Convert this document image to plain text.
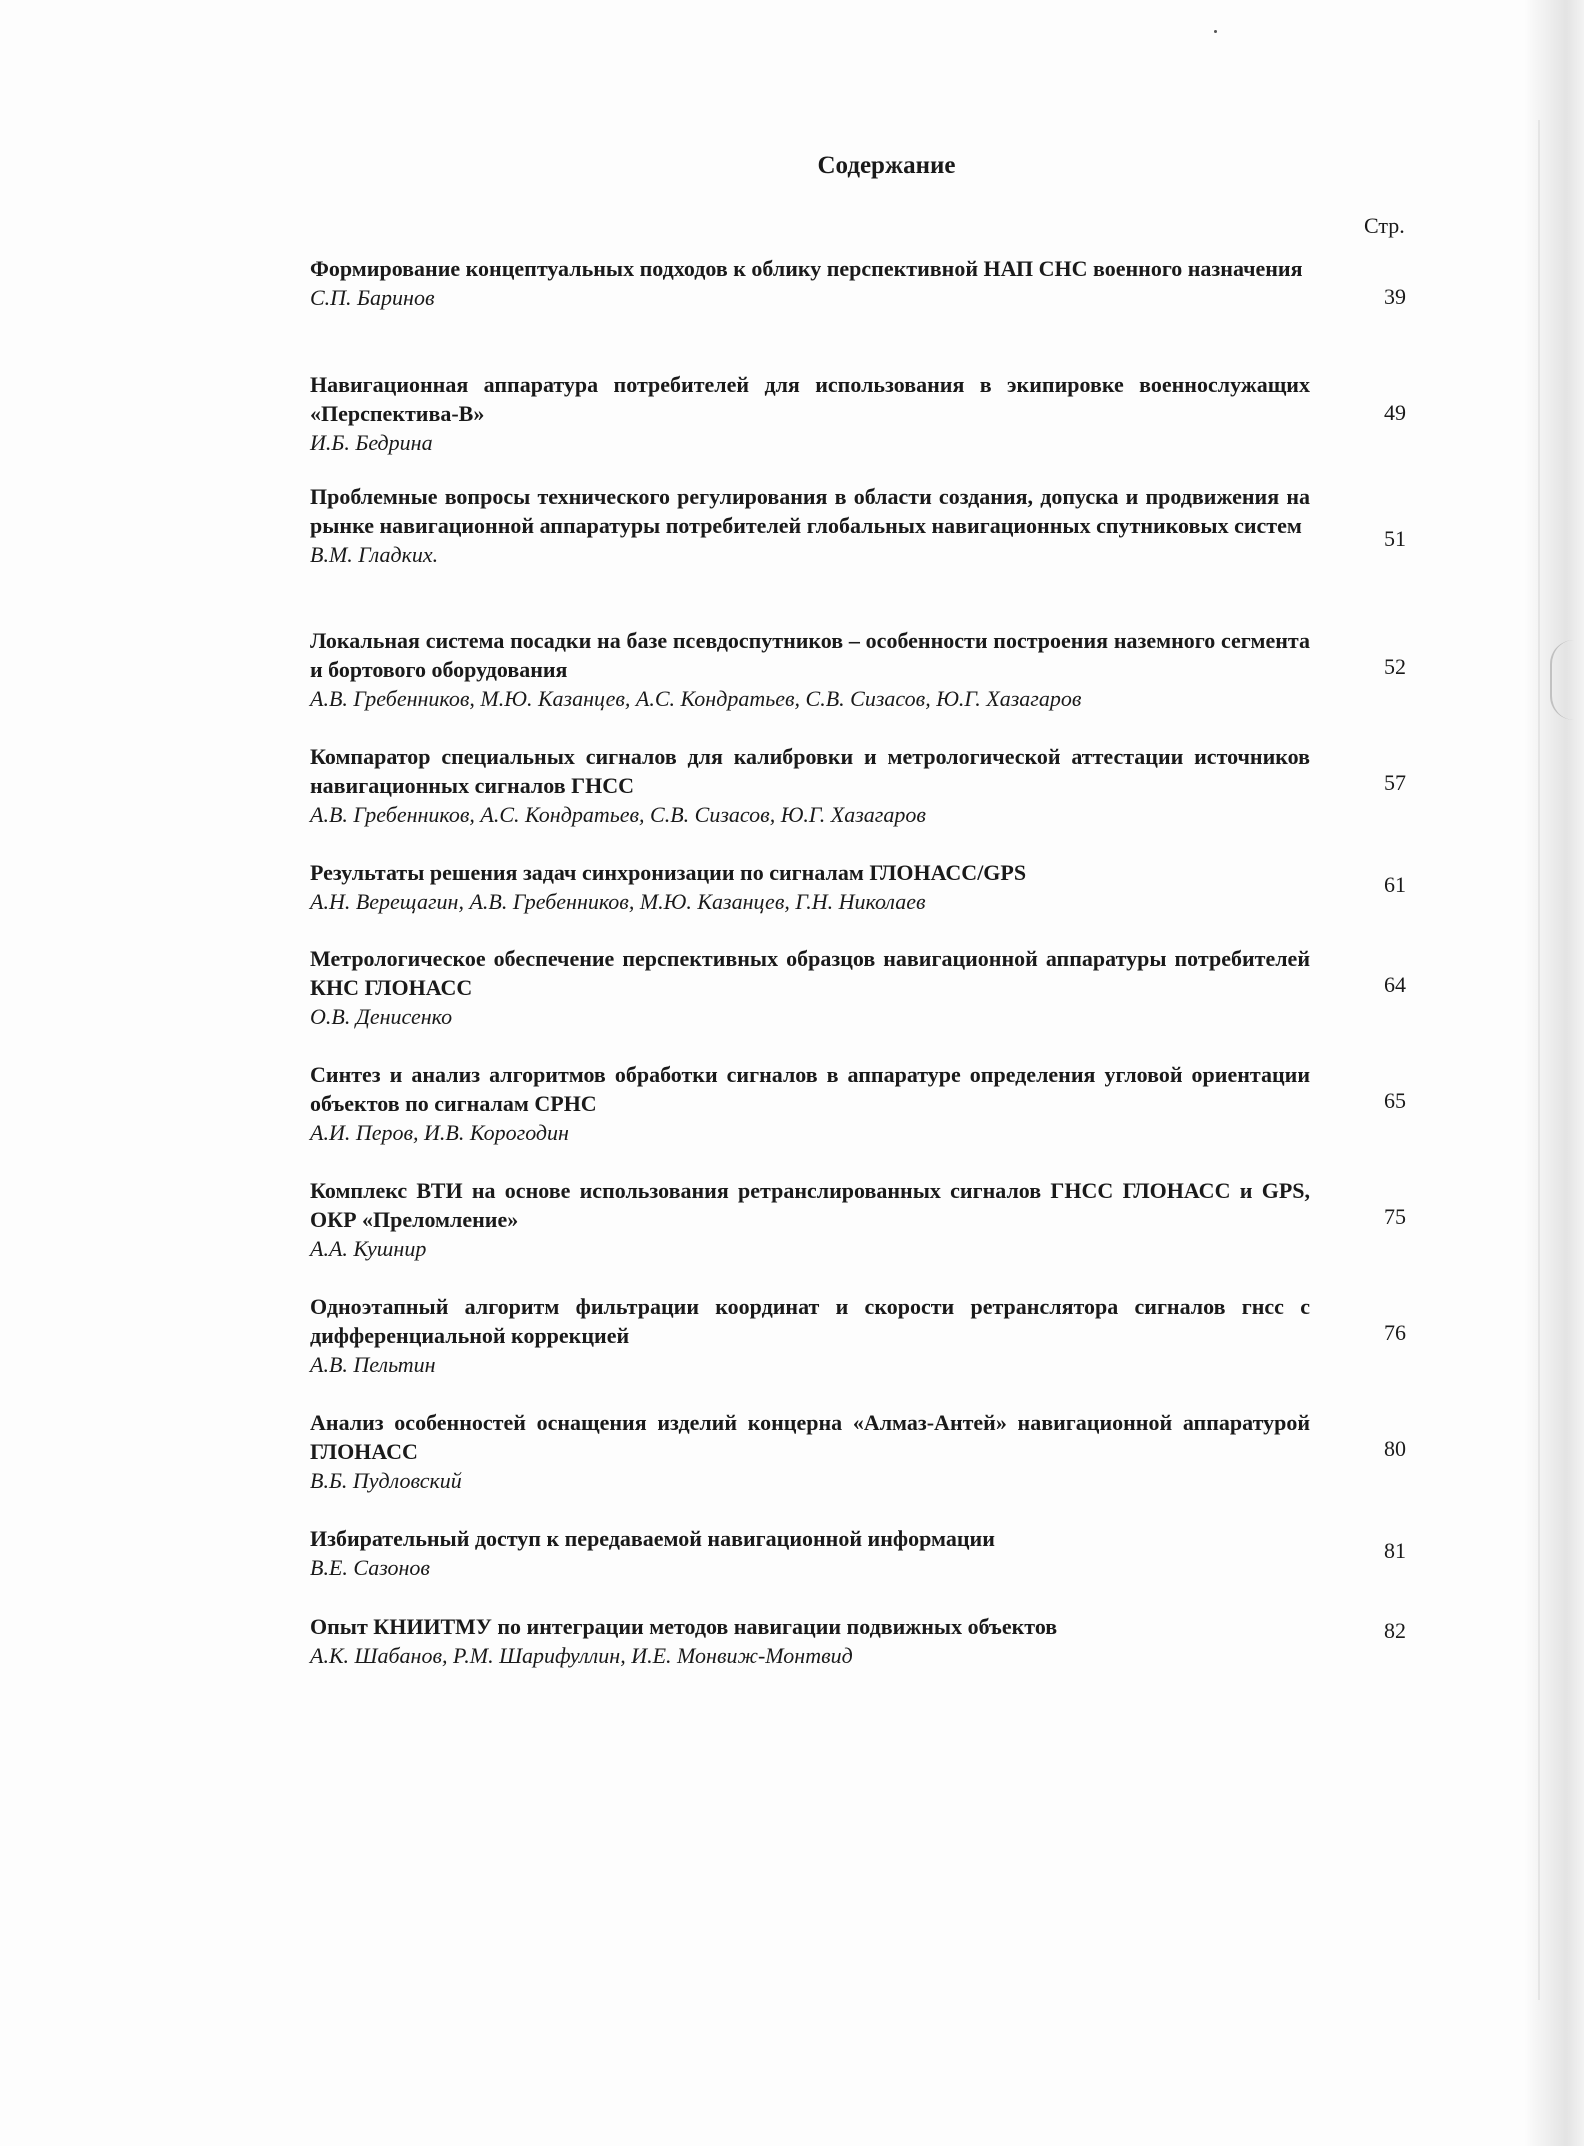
Содержание
Стр.
Формирование концептуальных подходов к облику перспективной НАП СНС военного назначения
С.П. Баринов	39
Навигационная аппаратура потребителей для использования в экипировке военнослужащих «Перспектива-В»
И.Б. Бедрина
49
Проблемные вопросы технического регулирования в области создания, допуска и продвижения на рынке навигационной аппаратуры потребителей глобальных навигационных спутниковых систем
В.М. Гладких.
51
Локальная система посадки на базе псевдоспутников – особенности построения наземного сегмента и бортового оборудования
А.В. Гребенников, М.Ю. Казанцев, А.С. Кондратьев, С.В. Сизасов, Ю.Г. Хазагаров
52
Компаратор специальных сигналов для калибровки и метрологической аттестации источников навигационных сигналов ГНСС
А.В. Гребенников, А.С. Кондратьев, С.В. Сизасов, Ю.Г. Хазагаров
57
Результаты решения задач синхронизации по сигналам ГЛОНАСС/GPS
А.Н. Верещагин, А.В. Гребенников, М.Ю. Казанцев, Г.Н. Николаев
61
Метрологическое обеспечение перспективных образцов навигационной аппаратуры потребителей КНС ГЛОНАСС
О.В. Денисенко
64
Синтез и анализ алгоритмов обработки сигналов в аппаратуре определения угловой ориентации объектов по сигналам СРНС
А.И. Перов, И.В. Корогодин
65
Комплекс ВТИ на основе использования ретранслированных сигналов ГНСС ГЛОНАСС и GPS, ОКР «Преломление»
А.А. Кушнир
75
Одноэтапный алгоритм фильтрации координат и скорости ретранслятора сигналов гнсс с дифференциальной коррекцией
А.В. Пельтин
76
Анализ особенностей оснащения изделий концерна «Алмаз-Антей» навигационной аппаратурой ГЛОНАСС
В.Б. Пудловский
80
Избирательный доступ к передаваемой навигационной информации
В.Е. Сазонов
81
Опыт КНИИТМУ по интеграции методов навигации подвижных объектов
А.К. Шабанов, Р.М. Шарифуллин, И.Е. Монвиж-Монтвид
82
